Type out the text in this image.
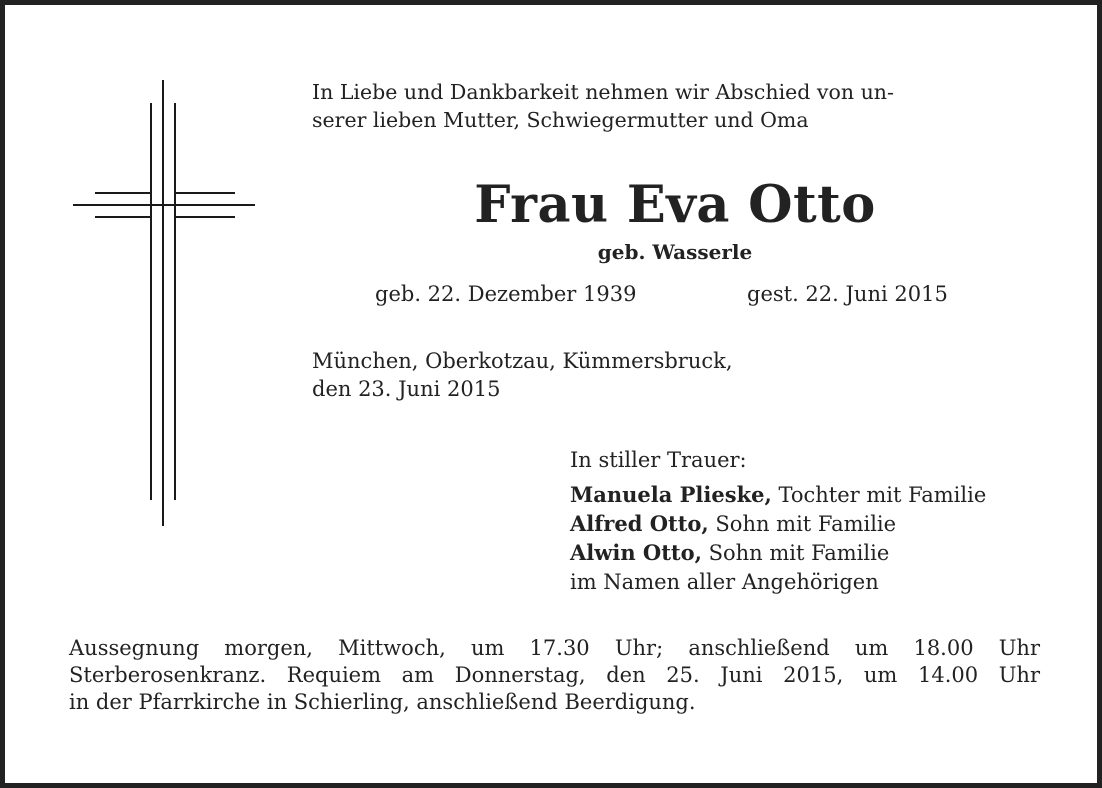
In Liebe und Dankbarkeit nehmen wir Abschied von un-
serer lieben Mutter, Schwiegermutter und Oma
Frau Eva Otto
geb. Wasserle
geb. 22. Dezember 1939	gest. 22. Juni 2015
München, Oberkotzau, Kümmersbruck,
den 23. Juni 2015
In stiller Trauer:
Manuela Plieske, Tochter mit Familie
Alfred Otto, Sohn mit Familie
Alwin Otto, Sohn mit Familie
im Namen aller Angehörigen
Aussegnung morgen, Mittwoch, um 17.30 Uhr; anschließend um 18.00 Uhr
Sterberosenkranz. Requiem am Donnerstag, den 25. Juni 2015, um 14.00 Uhr
in der Pfarrkirche in Schierling, anschließend Beerdigung.
